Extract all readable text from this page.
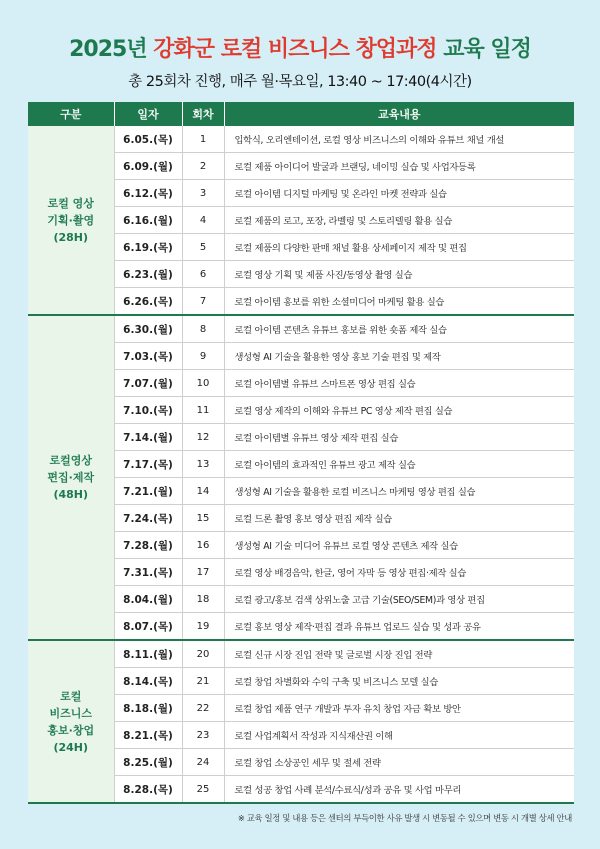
2025년 강화군 로컬 비즈니스 창업과정 교육 일정
총 25회차 진행, 매주 월·목요일, 13:40 ~ 17:40(4시간)
구분	일자	회차	교육내용

로컬 영상
기획·촬영
(28H)	6.05.(목)	1	입학식, 오리엔테이션, 로컬 영상 비즈니스의 이해와 유튜브 채널 개설
	6.09.(월)	2	로컬 제품 아이디어 발굴과 브랜딩, 네이밍 실습 및 사업자등록
	6.12.(목)	3	로컬 아이템 디지털 마케팅 및 온라인 마켓 전략과 실습
	6.16.(월)	4	로컬 제품의 로고, 포장, 라벨링 및 스토리텔링 활용 실습
	6.19.(목)	5	로컬 제품의 다양한 판매 채널 활용 상세페이지 제작 및 편집
	6.23.(월)	6	로컬 영상 기획 및 제품 사진/동영상 촬영 실습
	6.26.(목)	7	로컬 아이템 홍보를 위한 소셜미디어 마케팅 활용 실습

로컬영상
편집·제작
(48H)	6.30.(월)	8	로컬 아이템 콘텐츠 유튜브 홍보를 위한 숏폼 제작 실습
	7.03.(목)	9	생성형 AI 기술을 활용한 영상 홍보 기술 편집 및 제작
	7.07.(월)	10	로컬 아이템별 유튜브 스마트폰 영상 편집 실습
	7.10.(목)	11	로컬 영상 제작의 이해와 유튜브 PC 영상 제작 편집 실습
	7.14.(월)	12	로컬 아이템별 유튜브 영상 제작 편집 실습
	7.17.(목)	13	로컬 아이템의 효과적인 유튜브 광고 제작 실습
	7.21.(월)	14	생성형 AI 기술을 활용한 로컬 비즈니스 마케팅 영상 편집 실습
	7.24.(목)	15	로컬 드론 촬영 홍보 영상 편집 제작 실습
	7.28.(월)	16	생성형 AI 기술 미디어 유튜브 로컬 영상 콘텐츠 제작 실습
	7.31.(목)	17	로컬 영상 배경음악, 한글, 영어 자막 등 영상 편집·제작 실습
	8.04.(월)	18	로컬 광고/홍보 검색 상위노출 고급 기술(SEO/SEM)과 영상 편집
	8.07.(목)	19	로컬 홍보 영상 제작·편집 결과 유튜브 업로드 실습 및 성과 공유

로컬
비즈니스
홍보·창업
(24H)	8.11.(월)	20	로컬 신규 시장 진입 전략 및 글로벌 시장 진입 전략
	8.14.(목)	21	로컬 창업 차별화와 수익 구축 및 비즈니스 모델 실습
	8.18.(월)	22	로컬 창업 제품 연구 개발과 투자 유치 창업 자금 확보 방안
	8.21.(목)	23	로컬 사업계획서 작성과 지식재산권 이해
	8.25.(월)	24	로컬 창업 소상공인 세무 및 절세 전략
	8.28.(목)	25	로컬 성공 창업 사례 분석/수료식/성과 공유 및 사업 마무리
※ 교육 일정 및 내용 등은 센터의 부득이한 사유 발생 시 변동될 수 있으며 변동 시 개별 상세 안내
